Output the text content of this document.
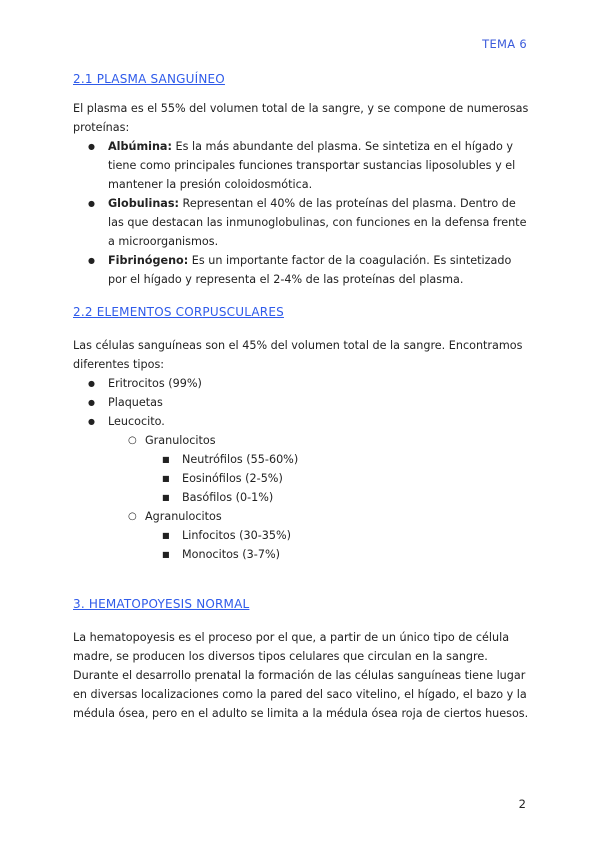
TEMA 6
2.1 PLASMA SANGUÍNEO

El plasma es el 55% del volumen total de la sangre, y se compone de numerosas proteínas:

● Albúmina: Es la más abundante del plasma. Se sintetiza en el hígado y tiene como principales funciones transportar sustancias liposolubles y el mantener la presión coloidosmótica.
● Globulinas: Representan el 40% de las proteínas del plasma. Dentro de las que destacan las inmunoglobulinas, con funciones en la defensa frente a microorganismos.
● Fibrinógeno: Es un importante factor de la coagulación. Es sintetizado por el hígado y representa el 2-4% de las proteínas del plasma.
2.2 ELEMENTOS CORPUSCULARES

Las células sanguíneas son el 45% del volumen total de la sangre. Encontramos diferentes tipos:

● Eritrocitos (99%)
● Plaquetas
● Leucocito.
○ Granulocitos
■ Neutrófilos (55-60%)
■ Eosinófilos (2-5%)
■ Basófilos (0-1%)
○ Agranulocitos
■ Linfocitos (30-35%)
■ Monocitos (3-7%)
3. HEMATOPOYESIS NORMAL

La hematopoyesis es el proceso por el que, a partir de un único tipo de célula madre, se producen los diversos tipos celulares que circulan en la sangre. Durante el desarrollo prenatal la formación de las células sanguíneas tiene lugar en diversas localizaciones como la pared del saco vitelino, el hígado, el bazo y la médula ósea, pero en el adulto se limita a la médula ósea roja de ciertos huesos.

2
